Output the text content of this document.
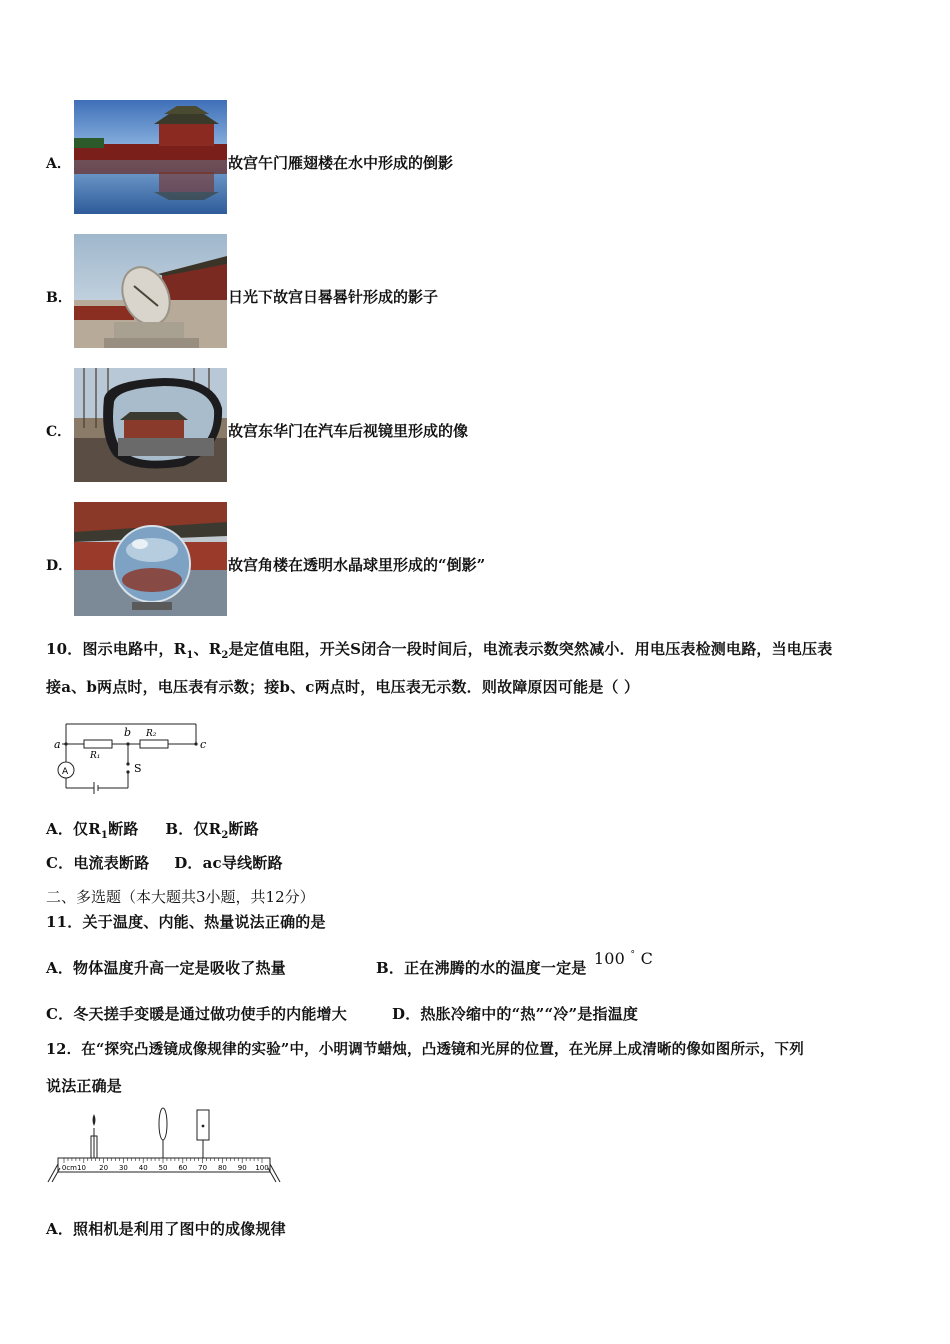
A．	故宫午门雁翅楼在水中形成的倒影
B．	日光下故宫日晷晷针形成的影子
C．	故宫东华门在汽车后视镜里形成的像
D．	故宫角楼在透明水晶球里形成的“倒影”
10．图示电路中，$R_1$、$R_2$是定值电阻，开关S闭合一段时间后，电流表示数突然减小．用电压表检测电路，当电压表
接a、b两点时，电压表有示数；接b、c两点时，电压表无示数．则故障原因可能是（ ）
a
b
c
R₁
R₂
S
A
A．仅$R_1$断路 B．仅$R_2$断路
C．电流表断路 D．ac导线断路
二、多选题（本大题共3小题，共12分）
11．关于温度、内能、热量说法正确的是
A．物体温度升高一定是吸收了热量	B．正在沸腾的水的温度一定是 100 ° C
C．冬天搓手变暖是通过做功使手的内能增大	D．热胀冷缩中的“热”“冷”是指温度
12．在“探究凸透镜成像规律的实验”中，小明调节蜡烛，凸透镜和光屏的位置，在光屏上成清晰的像如图所示，下列
说法正确是
0cm10 20 30 40 50 60 70 80 90 100
A．照相机是利用了图中的成像规律
